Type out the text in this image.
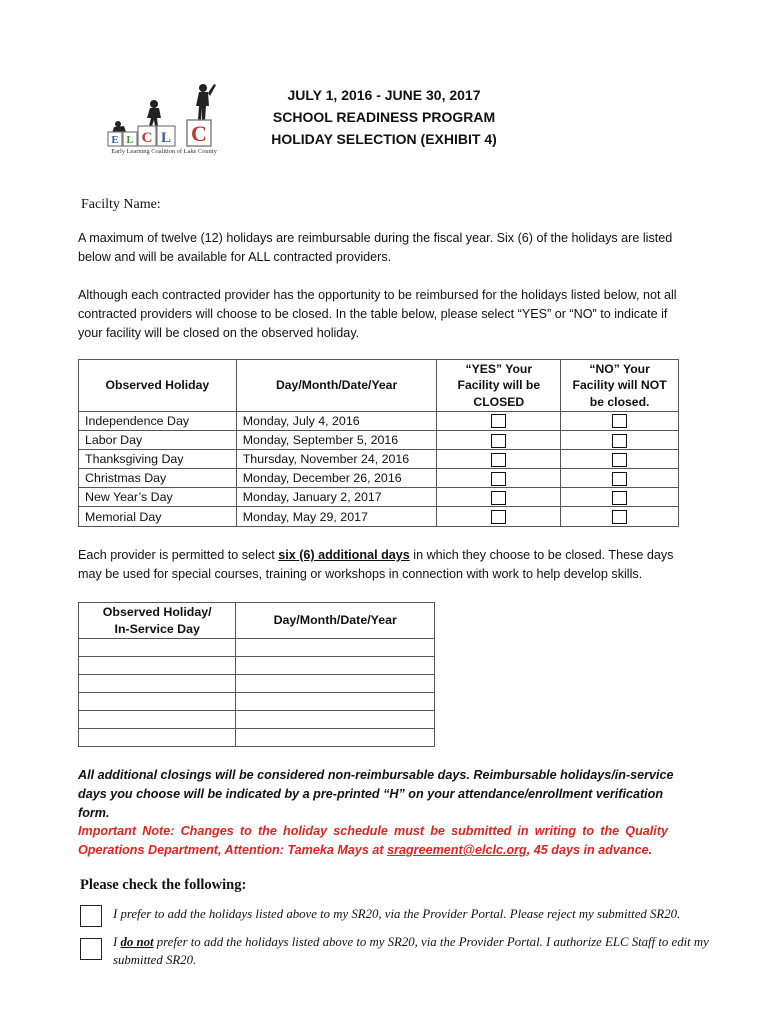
E L C L C
Early Learning Coalition of Lake County
JULY 1, 2016 - JUNE 30, 2017
SCHOOL READINESS PROGRAM
HOLIDAY SELECTION (EXHIBIT 4)
Facilty Name:
A maximum of twelve (12) holidays are reimbursable during the fiscal year. Six (6) of the holidays are listed below and will be available for ALL contracted providers.
Although each contracted provider has the opportunity to be reimbursed for the holidays listed below, not all contracted providers will choose to be closed. In the table below, please select “YES” or “NO” to indicate if your facility will be closed on the observed holiday.
Observed Holiday	Day/Month/Date/Year	“YES” Your Facility will be CLOSED	“NO” Your Facility will NOT be closed.
Independence Day	Monday, July 4, 2016		
Labor Day	Monday, September 5, 2016		
Thanksgiving Day	Thursday, November 24, 2016		
Christmas Day	Monday, December 26, 2016		
New Year’s Day	Monday, January 2, 2017		
Memorial Day	Monday, May 29, 2017		
Each provider is permitted to select six (6) additional days in which they choose to be closed. These days may be used for special courses, training or workshops in connection with work to help develop skills.
Observed Holiday/
In-Service Day	Day/Month/Date/Year

All additional closings will be considered non-reimbursable days. Reimbursable holidays/in-service days you choose will be indicated by a pre-printed “H” on your attendance/enrollment verification form.
Important Note: Changes to the holiday schedule must be submitted in writing to the Quality Operations Department, Attention: Tameka Mays at sragreement@elclc.org, 45 days in advance.
Please check the following:
I prefer to add the holidays listed above to my SR20, via the Provider Portal. Please reject my submitted SR20.
I do not prefer to add the holidays listed above to my SR20, via the Provider Portal. I authorize ELC Staff to edit my submitted SR20.
